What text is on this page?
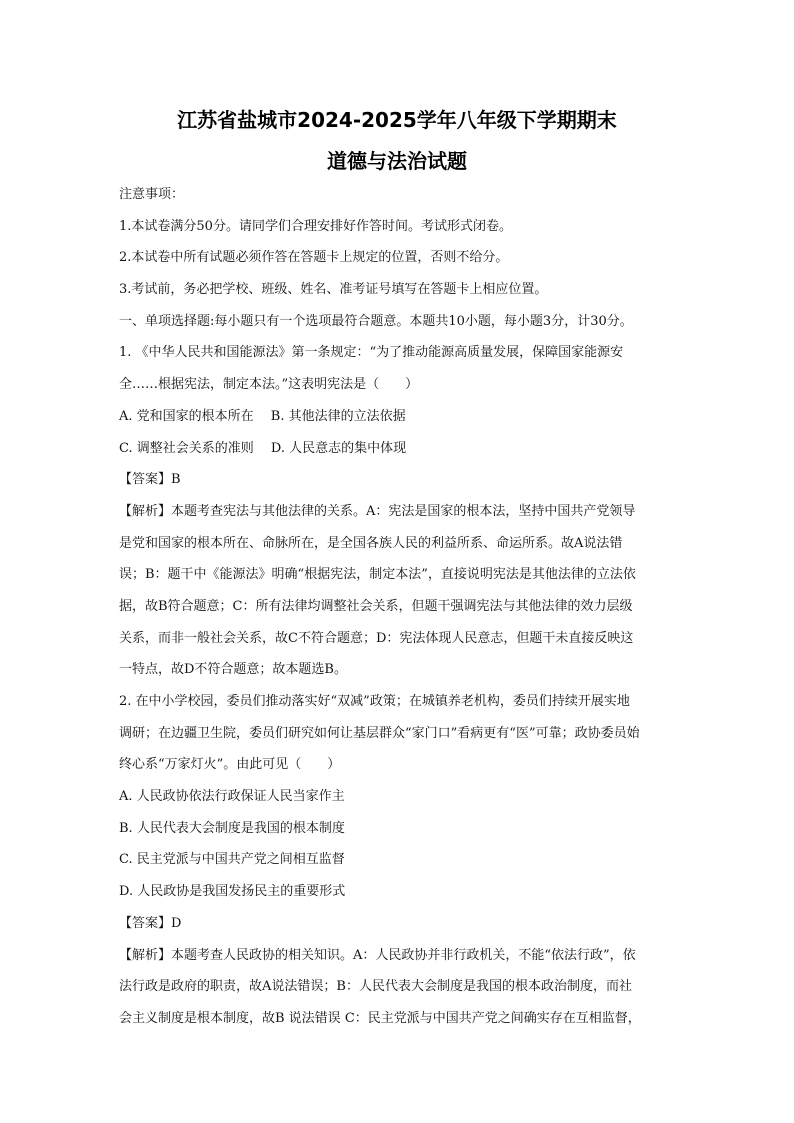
江苏省盐城市2024-2025学年八年级下学期期末
道德与法治试题
注意事项：
1.本试卷满分50分。请同学们合理安排好作答时间。考试形式闭卷。
2.本试卷中所有试题必须作答在答题卡上规定的位置，否则不给分。
3.考试前，务必把学校、班级、姓名、准考证号填写在答题卡上相应位置。
一、单项选择题:每小题只有一个选项最符合题意。本题共10小题，每小题3分，计30分。
1. 《中华人民共和国能源法》第一条规定：“为了推动能源高质量发展，保障国家能源安
全……根据宪法，制定本法。”这表明宪法是（　　）
A. 党和国家的根本所在　 B. 其他法律的立法依据
C. 调整社会关系的准则　 D. 人民意志的集中体现
【答案】B
【解析】本题考查宪法与其他法律的关系。A：宪法是国家的根本法，坚持中国共产党领导
是党和国家的根本所在、命脉所在，是全国各族人民的利益所系、命运所系。故A说法错
误；B：题干中《能源法》明确“根据宪法，制定本法”，直接说明宪法是其他法律的立法依
据，故B符合题意；C：所有法律均调整社会关系，但题干强调宪法与其他法律的效力层级
关系，而非一般社会关系，故C不符合题意；D：宪法体现人民意志，但题干未直接反映这
一特点，故D不符合题意；故本题选B。
2. 在中小学校园，委员们推动落实好“双减”政策；在城镇养老机构，委员们持续开展实地
调研；在边疆卫生院，委员们研究如何让基层群众“家门口”看病更有“医”可靠；政协委员始
终心系“万家灯火”。由此可见（　　）
A. 人民政协依法行政保证人民当家作主
B. 人民代表大会制度是我国的根本制度
C. 民主党派与中国共产党之间相互监督
D. 人民政协是我国发扬民主的重要形式
【答案】D
【解析】本题考查人民政协的相关知识。A：人民政协并非行政机关，不能“依法行政”，依
法行政是政府的职责，故A说法错误；B：人民代表大会制度是我国的根本政治制度，而社
会主义制度是根本制度，故B 说法错误 C：民主党派与中国共产党之间确实存在互相监督，
